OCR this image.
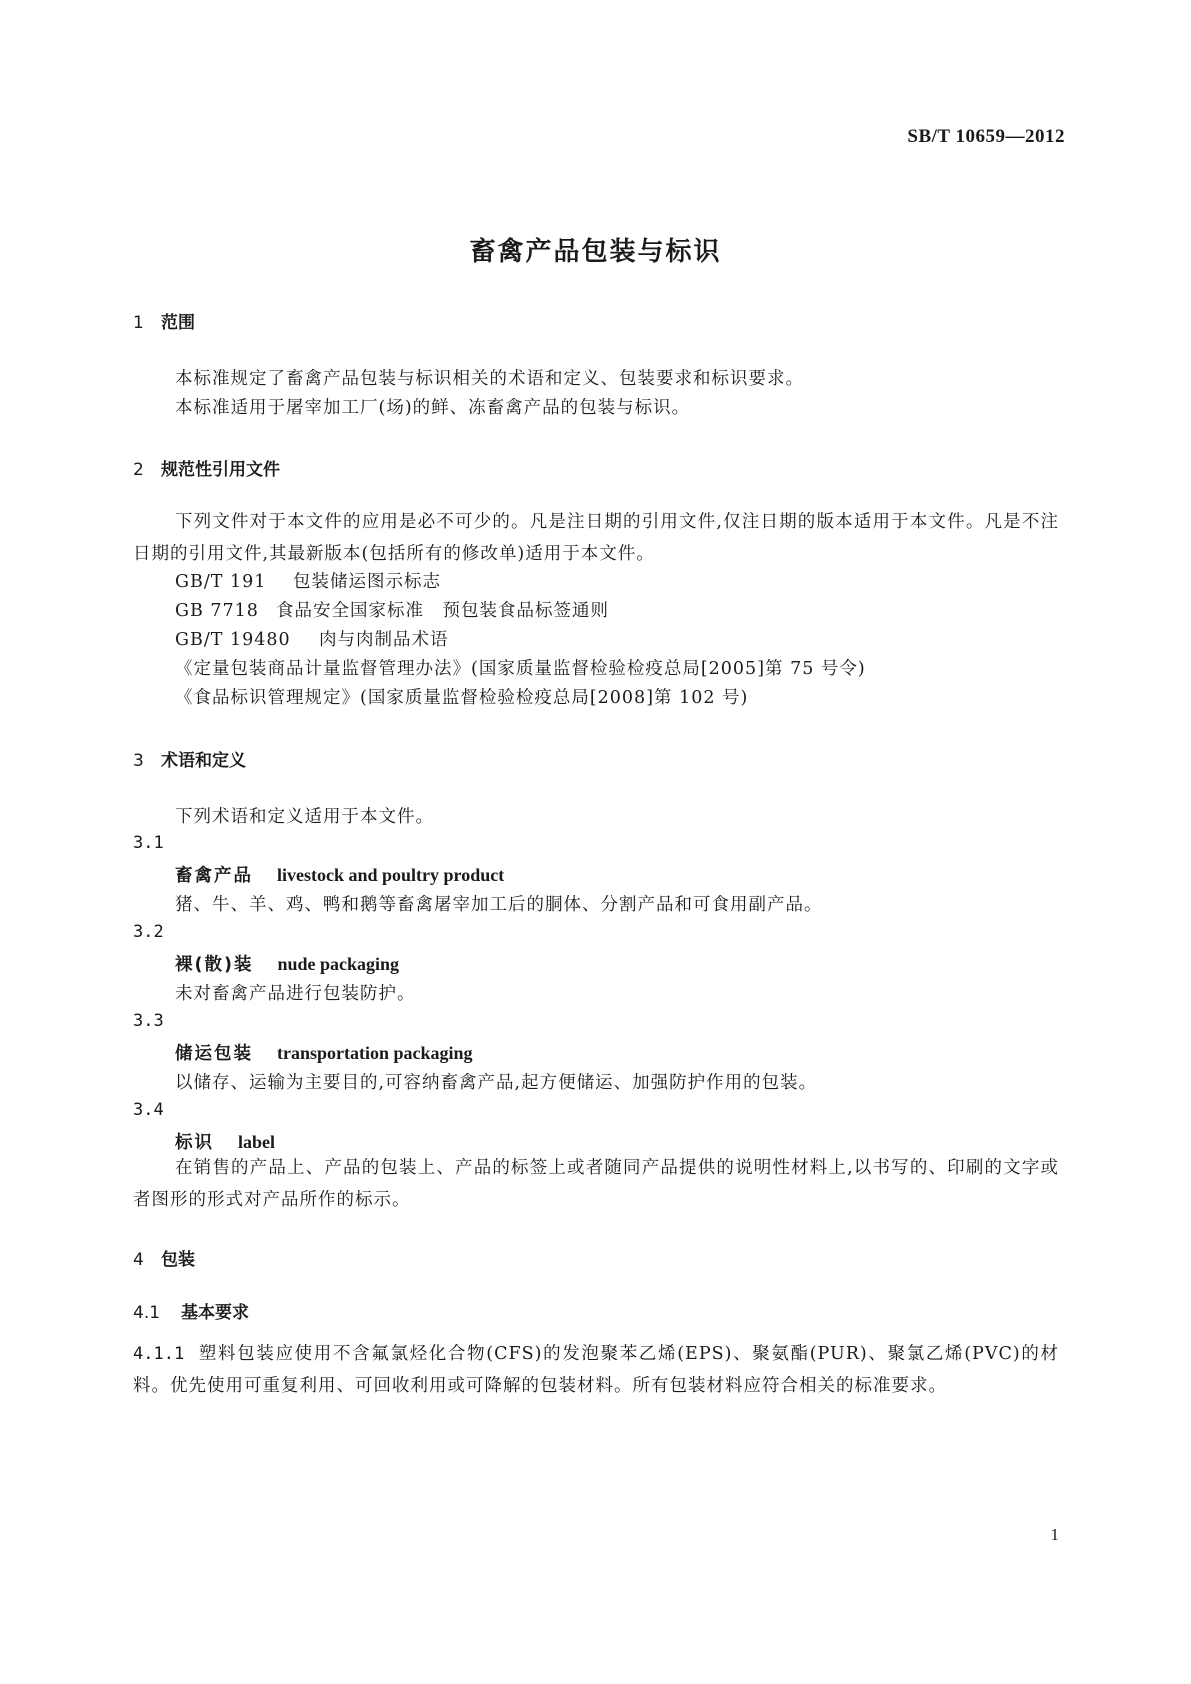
SB/T 10659—2012
畜禽产品包装与标识
1 范围
本标准规定了畜禽产品包装与标识相关的术语和定义、包装要求和标识要求。
本标准适用于屠宰加工厂(场)的鲜、冻畜禽产品的包装与标识。
2 规范性引用文件
下列文件对于本文件的应用是必不可少的。凡是注日期的引用文件,仅注日期的版本适用于本文件。凡是不注日期的引用文件,其最新版本(包括所有的修改单)适用于本文件。
GB/T 191 包装储运图示标志
GB 7718 食品安全国家标准　预包装食品标签通则
GB/T 19480 肉与肉制品术语
《定量包装商品计量监督管理办法》(国家质量监督检验检疫总局[2005]第 75 号令)
《食品标识管理规定》(国家质量监督检验检疫总局[2008]第 102 号)
3 术语和定义
下列术语和定义适用于本文件。
3.1
畜禽产品 livestock and poultry product
猪、牛、羊、鸡、鸭和鹅等畜禽屠宰加工后的胴体、分割产品和可食用副产品。
3.2
裸(散)装 nude packaging
未对畜禽产品进行包装防护。
3.3
储运包装 transportation packaging
以储存、运输为主要目的,可容纳畜禽产品,起方便储运、加强防护作用的包装。
3.4
标识 label
在销售的产品上、产品的包装上、产品的标签上或者随同产品提供的说明性材料上,以书写的、印刷的文字或者图形的形式对产品所作的标示。
4 包装
4.1 基本要求
4.1.1 塑料包装应使用不含氟氯烃化合物(CFS)的发泡聚苯乙烯(EPS)、聚氨酯(PUR)、聚氯乙烯(PVC)的材料。优先使用可重复利用、可回收利用或可降解的包装材料。所有包装材料应符合相关的标准要求。
1
